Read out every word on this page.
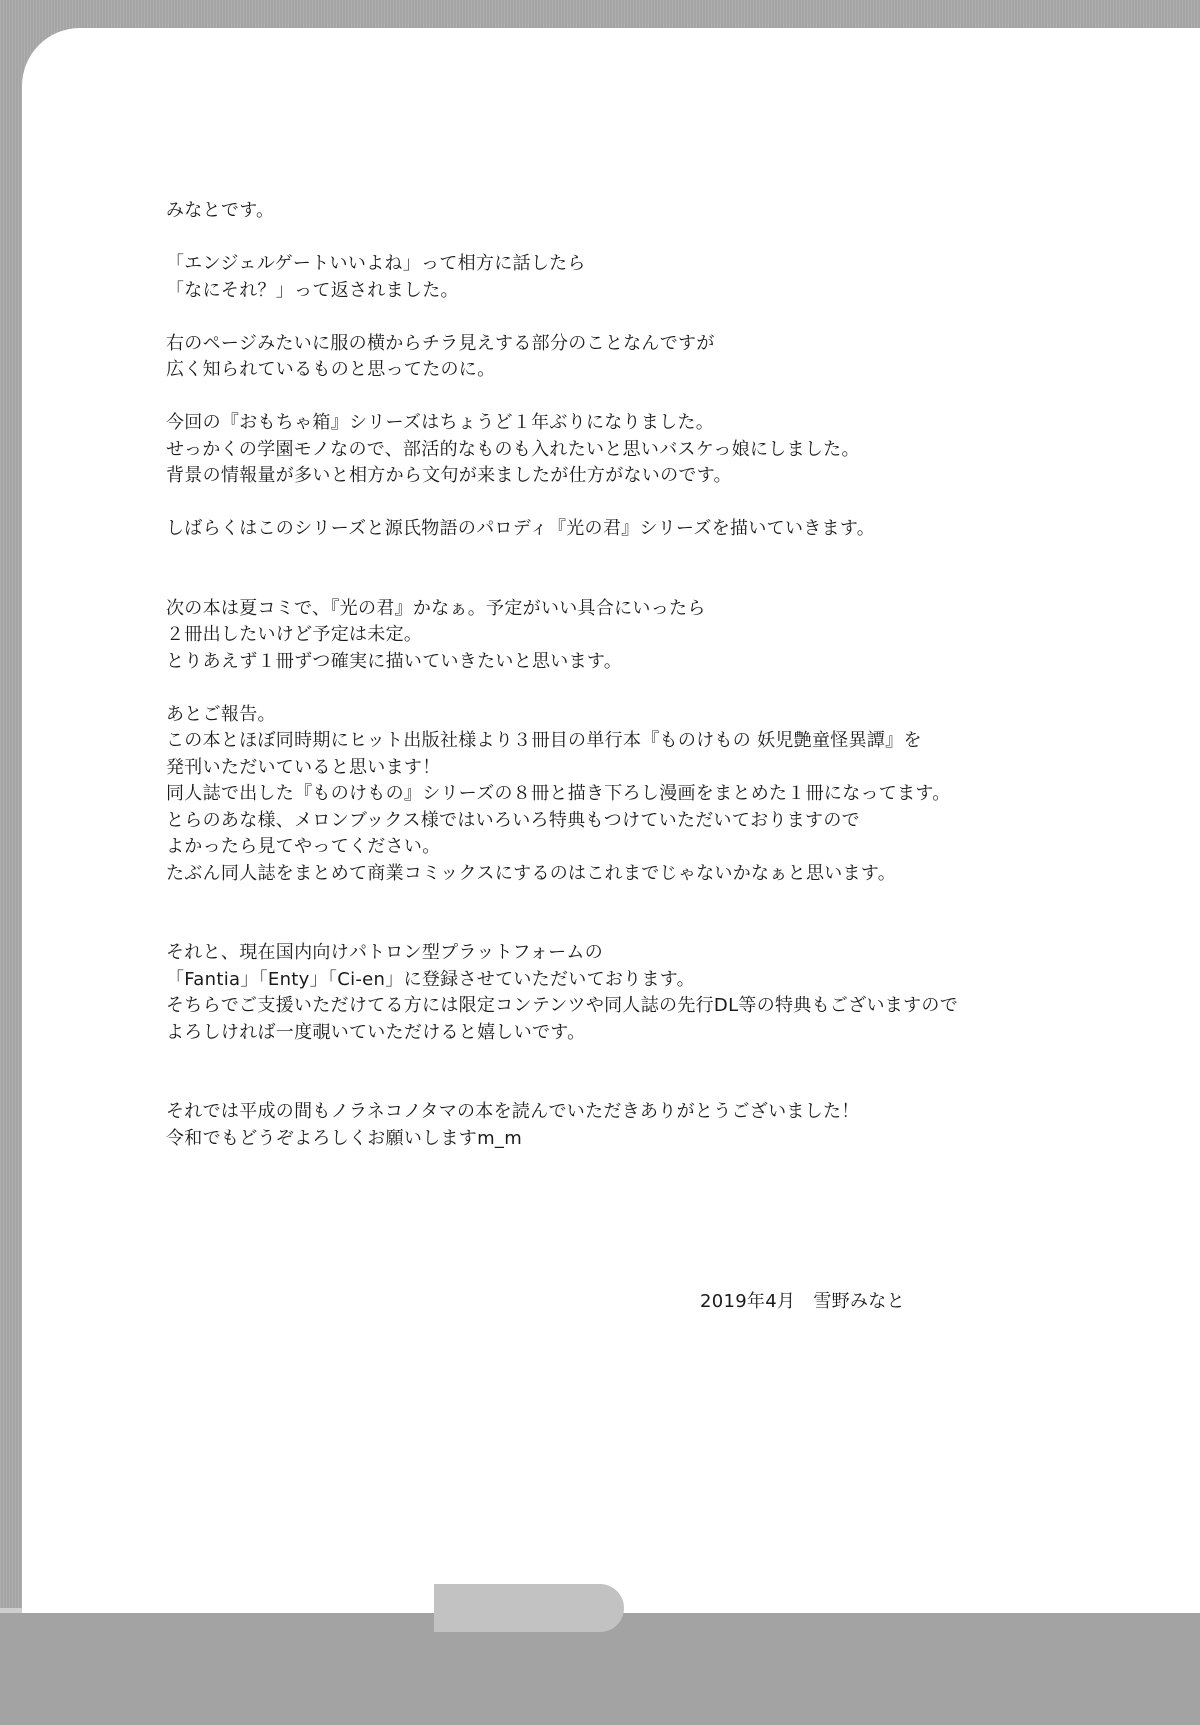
みなとです。
「エンジェルゲートいいよね」って相方に話したら
「なにそれ？」って返されました。
右のページみたいに服の横からチラ見えする部分のことなんですが
広く知られているものと思ってたのに。
今回の『おもちゃ箱』シリーズはちょうど１年ぶりになりました。
せっかくの学園モノなので、部活的なものも入れたいと思いバスケっ娘にしました。
背景の情報量が多いと相方から文句が来ましたが仕方がないのです。
しばらくはこのシリーズと源氏物語のパロディ『光の君』シリーズを描いていきます。
次の本は夏コミで、『光の君』かなぁ。予定がいい具合にいったら
２冊出したいけど予定は未定。
とりあえず１冊ずつ確実に描いていきたいと思います。
あとご報告。
この本とほぼ同時期にヒット出版社様より３冊目の単行本『ものけもの 妖児艶童怪異譚』を
発刊いただいていると思います！
同人誌で出した『ものけもの』シリーズの８冊と描き下ろし漫画をまとめた１冊になってます。
とらのあな様、メロンブックス様ではいろいろ特典もつけていただいておりますので
よかったら見てやってください。
たぶん同人誌をまとめて商業コミックスにするのはこれまでじゃないかなぁと思います。
それと、現在国内向けパトロン型プラットフォームの
「Fantia」「Enty」「Ci-en」に登録させていただいております。
そちらでご支援いただけてる方には限定コンテンツや同人誌の先行DL等の特典もございますので
よろしければ一度覗いていただけると嬉しいです。
それでは平成の間もノラネコノタマの本を読んでいただきありがとうございました！
令和でもどうぞよろしくお願いしますm_m
2019年4月 雪野みなと
